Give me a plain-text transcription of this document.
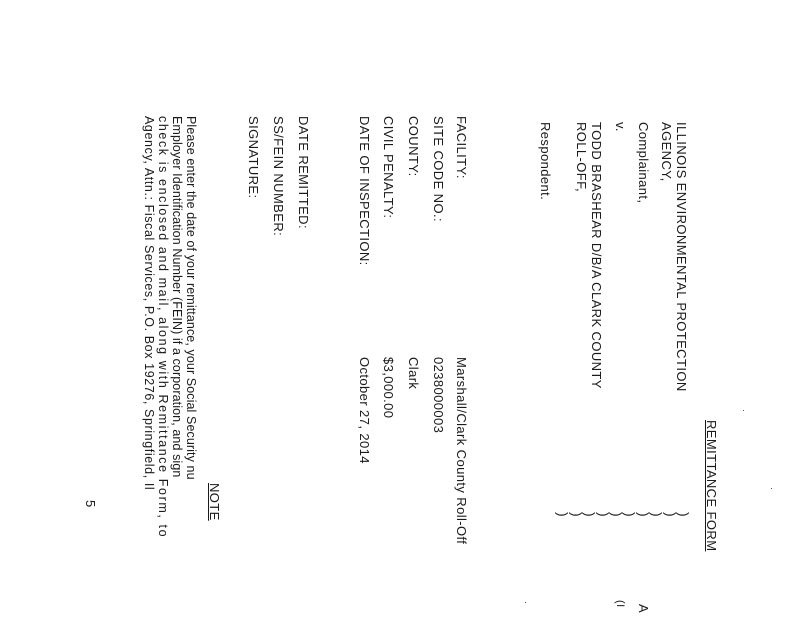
REMITTANCE FORM
ILLINOIS ENVIRONMENTAL PROTECTION
AGENCY,
Complainant,
v.
TODD BRASHEAR D/B/A CLARK COUNTY
ROLL-OFF,
Respondent.
)
)
)
)
)
)
)
)
)
)
A
(I
FACILITY:
SITE CODE NO.:
COUNTY:
CIVIL PENALTY:
DATE OF INSPECTION:
Marshall/Clark County Roll-Off
0238000003
Clark
$3,000.00
October 27, 2014
DATE REMITTED:
SS/FEIN NUMBER:
SIGNATURE:
NOTE
Please enter the date of your remittance, your Social Security nu
Employer Identification Number (FEIN) if a corporation, and sign
check is enclosed and mail, along with Remittance Form, to
Agency, Attn.: Fiscal Services, P.O. Box 19276, Springfield, Il
5
